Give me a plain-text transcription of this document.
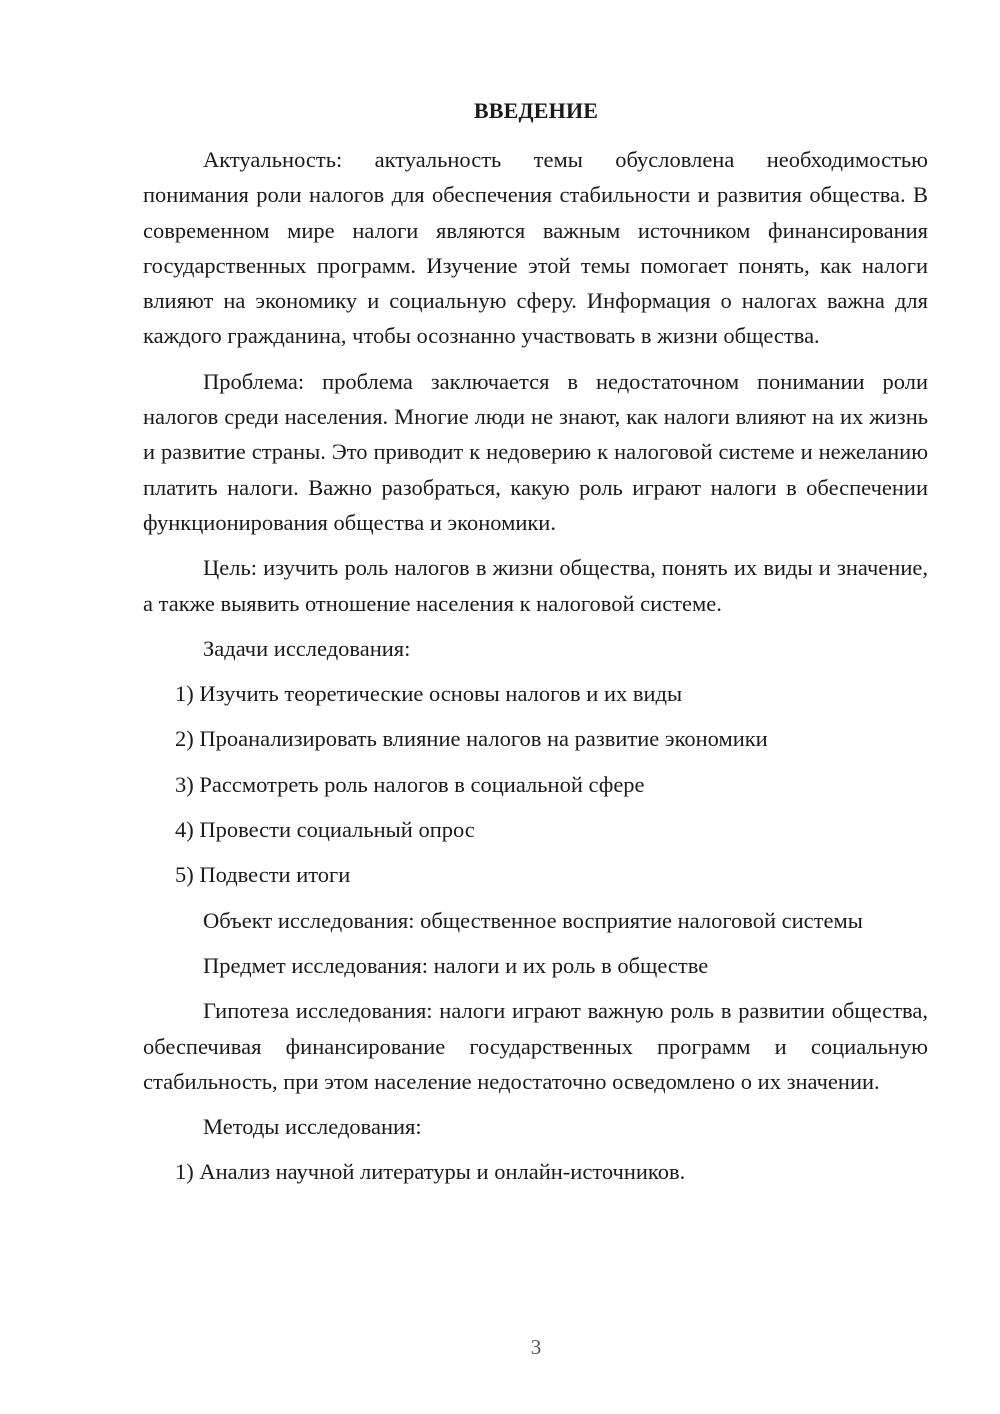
ВВЕДЕНИЕ

Актуальность: актуальность темы обусловлена необходимостью понимания роли налогов для обеспечения стабильности и развития общества. В современном мире налоги являются важным источником финансирования государственных программ. Изучение этой темы помогает понять, как налоги влияют на экономику и социальную сферу. Информация о налогах важна для каждого гражданина, чтобы осознанно участвовать в жизни общества.

Проблема: проблема заключается в недостаточном понимании роли налогов среди населения. Многие люди не знают, как налоги влияют на их жизнь и развитие страны. Это приводит к недоверию к налоговой системе и нежеланию платить налоги. Важно разобраться, какую роль играют налоги в обеспечении функционирования общества и экономики.

Цель: изучить роль налогов в жизни общества, понять их виды и значение, а также выявить отношение населения к налоговой системе.

Задачи исследования:

1) Изучить теоретические основы налогов и их виды

2) Проанализировать влияние налогов на развитие экономики

3) Рассмотреть роль налогов в социальной сфере

4) Провести социальный опрос

5) Подвести итоги

Объект исследования: общественное восприятие налоговой системы

Предмет исследования: налоги и их роль в обществе

Гипотеза исследования: налоги играют важную роль в развитии общества, обеспечивая финансирование государственных программ и социальную стабильность, при этом население недостаточно осведомлено о их значении.

Методы исследования:

1) Анализ научной литературы и онлайн-источников.

3
